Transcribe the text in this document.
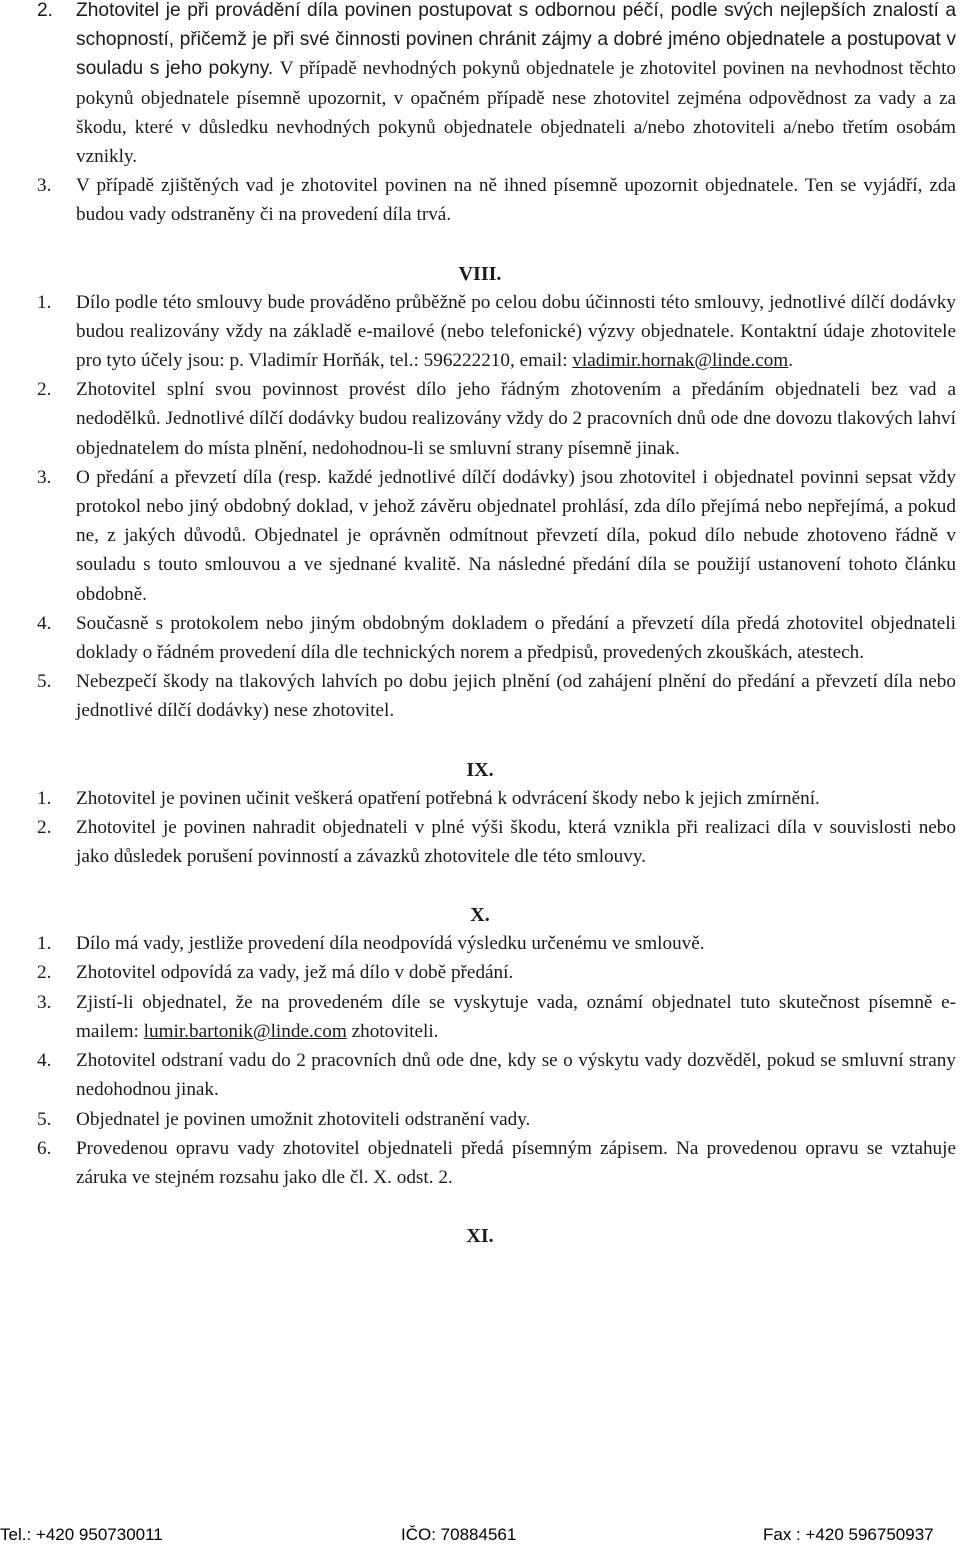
2. Zhotovitel je při provádění díla povinen postupovat s odbornou péčí, podle svých nejlepších znalostí a schopností, přičemž je při své činnosti povinen chránit zájmy a dobré jméno objednatele a postupovat v souladu s jeho pokyny. V případě nevhodných pokynů objednatele je zhotovitel povinen na nevhodnost těchto pokynů objednatele písemně upozornit, v opačném případě nese zhotovitel zejména odpovědnost za vady a za škodu, které v důsledku nevhodných pokynů objednatele objednateli a/nebo zhotoviteli a/nebo třetím osobám vznikly.
3. V případě zjištěných vad je zhotovitel povinen na ně ihned písemně upozornit objednatele. Ten se vyjádří, zda budou vady odstraněny či na provedení díla trvá.
VIII.
1. Dílo podle této smlouvy bude prováděno průběžně po celou dobu účinnosti této smlouvy, jednotlivé dílčí dodávky budou realizovány vždy na základě e-mailové (nebo telefonické) výzvy objednatele. Kontaktní údaje zhotovitele pro tyto účely jsou: p. Vladimír Horňák, tel.: 596222210, email: vladimir.hornak@linde.com.
2. Zhotovitel splní svou povinnost provést dílo jeho řádným zhotovením a předáním objednateli bez vad a nedodělků. Jednotlivé dílčí dodávky budou realizovány vždy do 2 pracovních dnů ode dne dovozu tlakových lahví objednatelem do místa plnění, nedohodnou-li se smluvní strany písemně jinak.
3. O předání a převzetí díla (resp. každé jednotlivé dílčí dodávky) jsou zhotovitel i objednatel povinni sepsat vždy protokol nebo jiný obdobný doklad, v jehož závěru objednatel prohlásí, zda dílo přejímá nebo nepřejímá, a pokud ne, z jakých důvodů. Objednatel je oprávněn odmítnout převzetí díla, pokud dílo nebude zhotoveno řádně v souladu s touto smlouvou a ve sjednané kvalitě. Na následné předání díla se použijí ustanovení tohoto článku obdobně.
4. Současně s protokolem nebo jiným obdobným dokladem o předání a převzetí díla předá zhotovitel objednateli doklady o řádném provedení díla dle technických norem a předpisů, provedených zkouškách, atestech.
5. Nebezpečí škody na tlakových lahvích po dobu jejich plnění (od zahájení plnění do předání a převzetí díla nebo jednotlivé dílčí dodávky) nese zhotovitel.
IX.
1. Zhotovitel je povinen učinit veškerá opatření potřebná k odvrácení škody nebo k jejich zmírnění.
2. Zhotovitel je povinen nahradit objednateli v plné výši škodu, která vznikla při realizaci díla v souvislosti nebo jako důsledek porušení povinností a závazků zhotovitele dle této smlouvy.
X.
1. Dílo má vady, jestliže provedení díla neodpovídá výsledku určenému ve smlouvě.
2. Zhotovitel odpovídá za vady, jež má dílo v době předání.
3. Zjistí-li objednatel, že na provedeném díle se vyskytuje vada, oznámí objednatel tuto skutečnost písemně e-mailem: lumir.bartonik@linde.com zhotoviteli.
4. Zhotovitel odstraní vadu do 2 pracovních dnů ode dne, kdy se o výskytu vady dozvěděl, pokud se smluvní strany nedohodnou jinak.
5. Objednatel je povinen umožnit zhotoviteli odstranění vady.
6. Provedenou opravu vady zhotovitel objednateli předá písemným zápisem. Na provedenou opravu se vztahuje záruka ve stejném rozsahu jako dle čl. X. odst. 2.
XI.
Tel.: +420 950730011	IČO: 70884561	Fax : +420 596750937
